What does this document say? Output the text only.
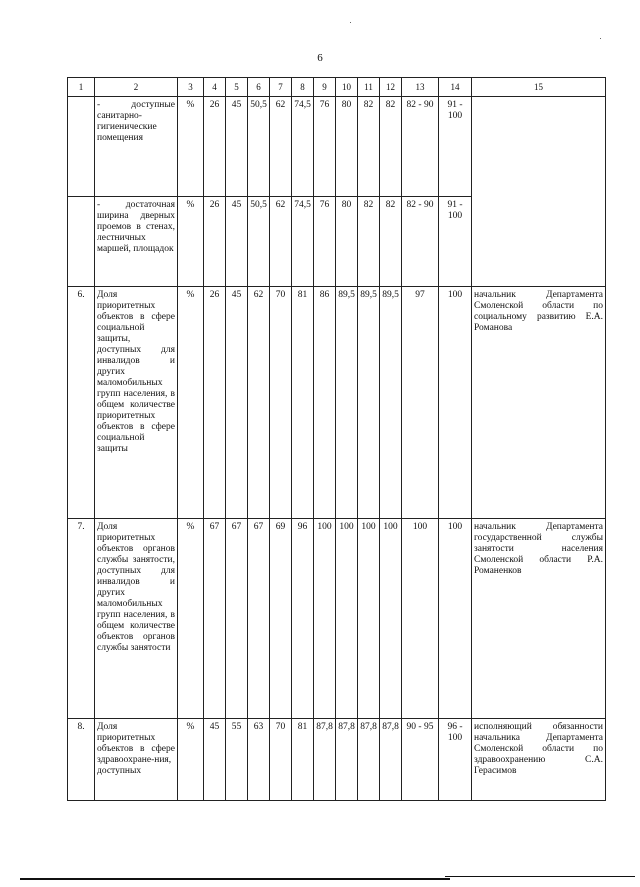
6
1	2	3	4	5	6	7	8	9	10	11	12	13	14	15
	- доступные санитарно-гигиенические помещения	%	26	45	50,5	62	74,5	76	80	82	82	82 - 90	91 - 100	
	- достаточная ширина дверных проемов в стенах, лестничных маршей, площадок	%	26	45	50,5	62	74,5	76	80	82	82	82 - 90	91 - 100	
6.	Доля приоритетных объектов в сфере социальной защиты, доступных для инвалидов и других маломобильных групп населения, в общем количестве приоритетных объектов в сфере социальной защиты	%	26	45	62	70	81	86	89,5	89,5	89,5	97	100	начальник Департамента Смоленской области по социальному развитию Е.А. Романова
7.	Доля приоритетных объектов органов службы занятости, доступных для инвалидов и других маломобильных групп населения, в общем количестве объектов органов службы занятости	%	67	67	67	69	96	100	100	100	100	100	100	начальник Департамента государственной службы занятости населения Смоленской области Р.А. Романенков
8.	Доля приоритетных объектов в сфере здравоохране-ния, доступных	%	45	55	63	70	81	87,8	87,8	87,8	87,8	90 - 95	96 - 100	исполняющий обязанности начальника Департамента Смоленской области по здравоохранению С.А. Герасимов
